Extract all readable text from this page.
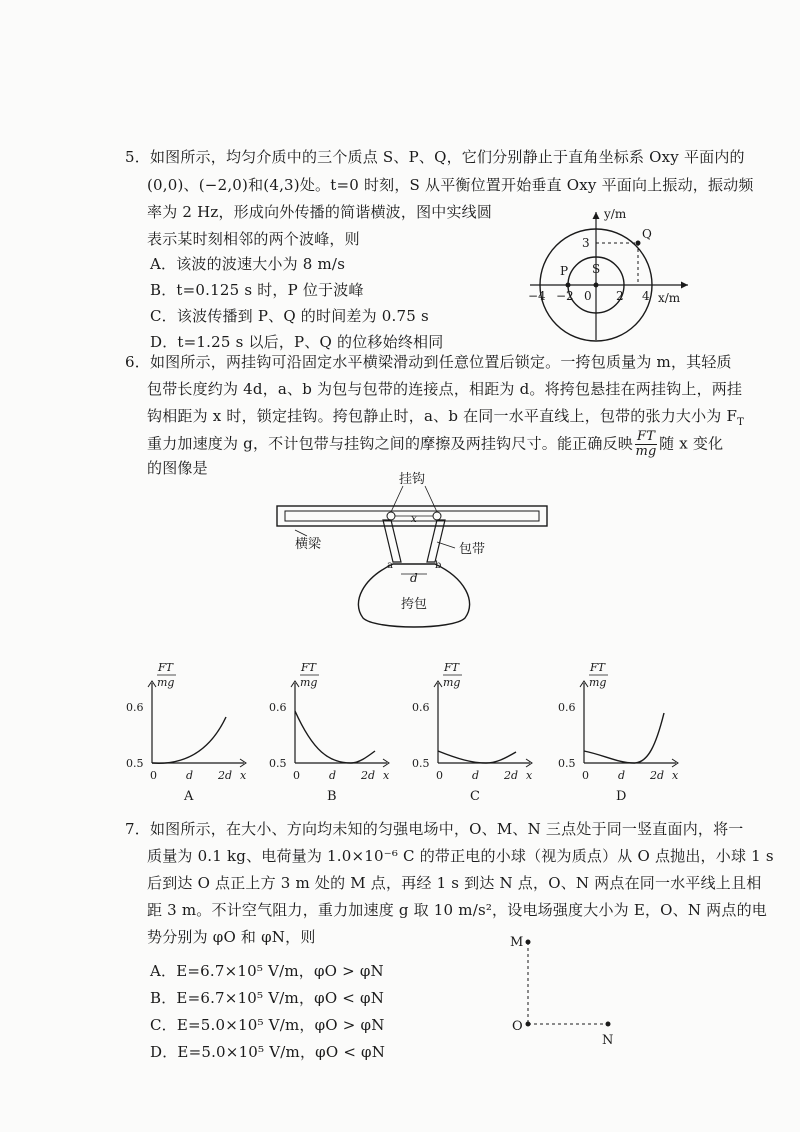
5．如图所示，均匀介质中的三个质点 S、P、Q，它们分别静止于直角坐标系 Oxy 平面内的
(0,0)、(−2,0)和(4,3)处。t=0 时刻，S 从平衡位置开始垂直 Oxy 平面向上振动，振动频
率为 2 Hz，形成向外传播的简谐横波，图中实线圆
表示某时刻相邻的两个波峰，则
A．该波的波速大小为 8 m/s
B．t=0.125 s 时，P 位于波峰
C．该波传播到 P、Q 的时间差为 0.75 s
D．t=1.25 s 以后，P、Q 的位移始终相同
y/m
x/m
Q
P S
3
−4 −2 0 2 4
6．如图所示，两挂钩可沿固定水平横梁滑动到任意位置后锁定。一挎包质量为 m，其轻质
包带长度约为 4d，a、b 为包与包带的连接点，相距为 d。将挎包悬挂在两挂钩上，两挂
钩相距为 x 时，锁定挂钩。挎包静止时，a、b 在同一水平直线上，包带的张力大小为 $F_T$
重力加速度为 g，不计包带与挂钩之间的摩擦及两挂钩尺寸。能正确反映 $\frac{FT}{mg}$ 随 x 变化
的图像是
挂钩
横梁	包带
挎包
x
d
a	b
FT
mg
0.6
0.5
0	d 2d x
A
FT
mg
0.6
0.5
0	d 2d x
B
FT
mg
0.6
0.5
0	d 2d x
C
FT
mg
0.6
0.5
0	d 2d x
D
7．如图所示，在大小、方向均未知的匀强电场中，O、M、N 三点处于同一竖直面内，将一
质量为 0.1 kg、电荷量为 1.0×10⁻⁶ C 的带正电的小球（视为质点）从 O 点抛出，小球 1 s
后到达 O 点正上方 3 m 处的 M 点，再经 1 s 到达 N 点，O、N 两点在同一水平线上且相
距 3 m。不计空气阻力，重力加速度 g 取 10 m/s²，设电场强度大小为 E，O、N 两点的电
势分别为 φO 和 φN，则
A．E=6.7×10⁵ V/m，φO > φN
B．E=6.7×10⁵ V/m，φO < φN
C．E=5.0×10⁵ V/m，φO > φN
D．E=5.0×10⁵ V/m，φO < φN
M
O
N
